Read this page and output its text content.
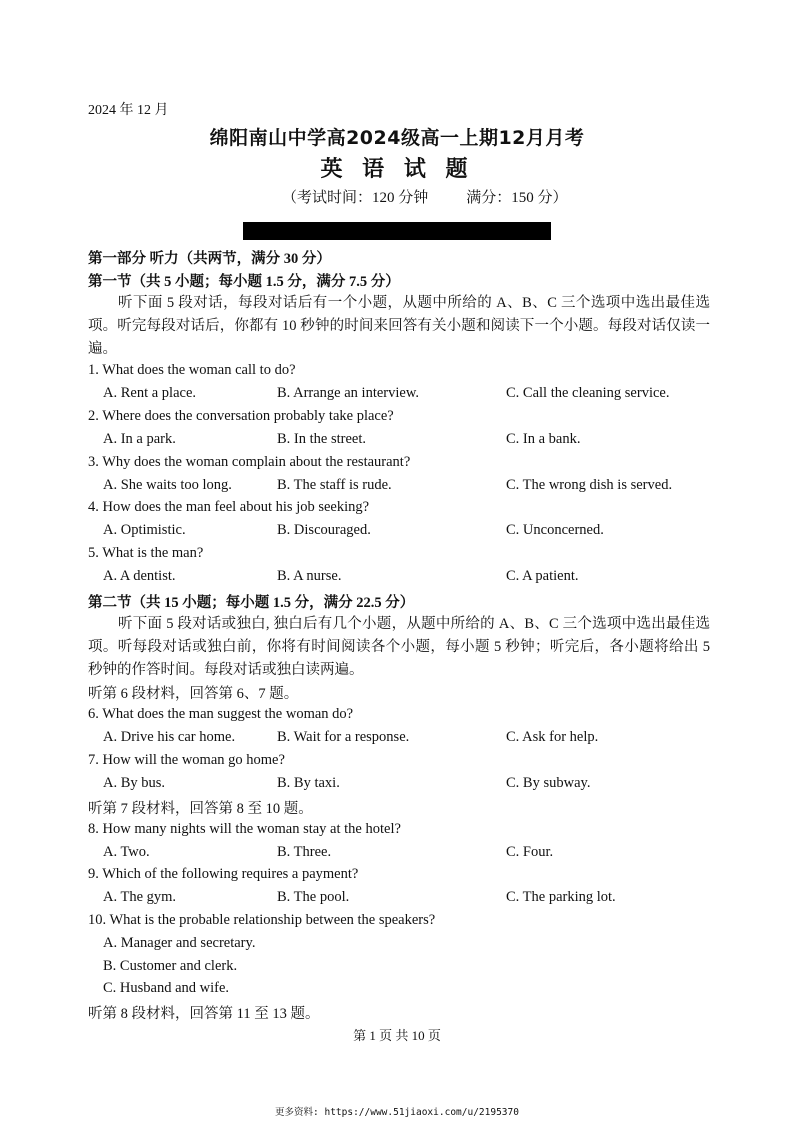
2024 年 12 月
绵阳南山中学高2024级高一上期12月月考
英 语 试 题
（考试时间：120 分钟	满分：150 分）
第一部分 听力（共两节，满分 30 分）
第一节（共 5 小题；每小题 1.5 分，满分 7.5 分）
听下面 5 段对话，每段对话后有一个小题，从题中所给的 A、B、C 三个选项中选出最佳选项。听完每段对话后，你都有 10 秒钟的时间来回答有关小题和阅读下一个小题。每段对话仅读一遍。
1. What does the woman call to do?
A. Rent a place.	B. Arrange an interview.	C. Call the cleaning service.
2. Where does the conversation probably take place?
A. In a park.	B. In the street.	C. In a bank.
3. Why does the woman complain about the restaurant?
A. She waits too long.	B. The staff is rude.	C. The wrong dish is served.
4. How does the man feel about his job seeking?
A. Optimistic.	B. Discouraged.	C. Unconcerned.
5. What is the man?
A. A dentist.	B. A nurse.	C. A patient.
第二节（共 15 小题；每小题 1.5 分，满分 22.5 分）
听下面 5 段对话或独白, 独白后有几个小题，从题中所给的 A、B、C 三个选项中选出最佳选项。听每段对话或独白前，你将有时间阅读各个小题，每小题 5 秒钟；听完后，各小题将给出 5 秒钟的作答时间。每段对话或独白读两遍。
听第 6 段材料，回答第 6、7 题。
6. What does the man suggest the woman do?
A. Drive his car home.	B. Wait for a response.	C. Ask for help.
7. How will the woman go home?
A. By bus.	B. By taxi.	C. By subway.
听第 7 段材料，回答第 8 至 10 题。
8. How many nights will the woman stay at the hotel?
A. Two.	B. Three.	C. Four.
9. Which of the following requires a payment?
A. The gym.	B. The pool.	C. The parking lot.
10. What is the probable relationship between the speakers?
A. Manager and secretary.
B. Customer and clerk.
C. Husband and wife.
听第 8 段材料，回答第 11 至 13 题。
第 1 页 共 10 页
更多资料: https://www.51jiaoxi.com/u/2195370
